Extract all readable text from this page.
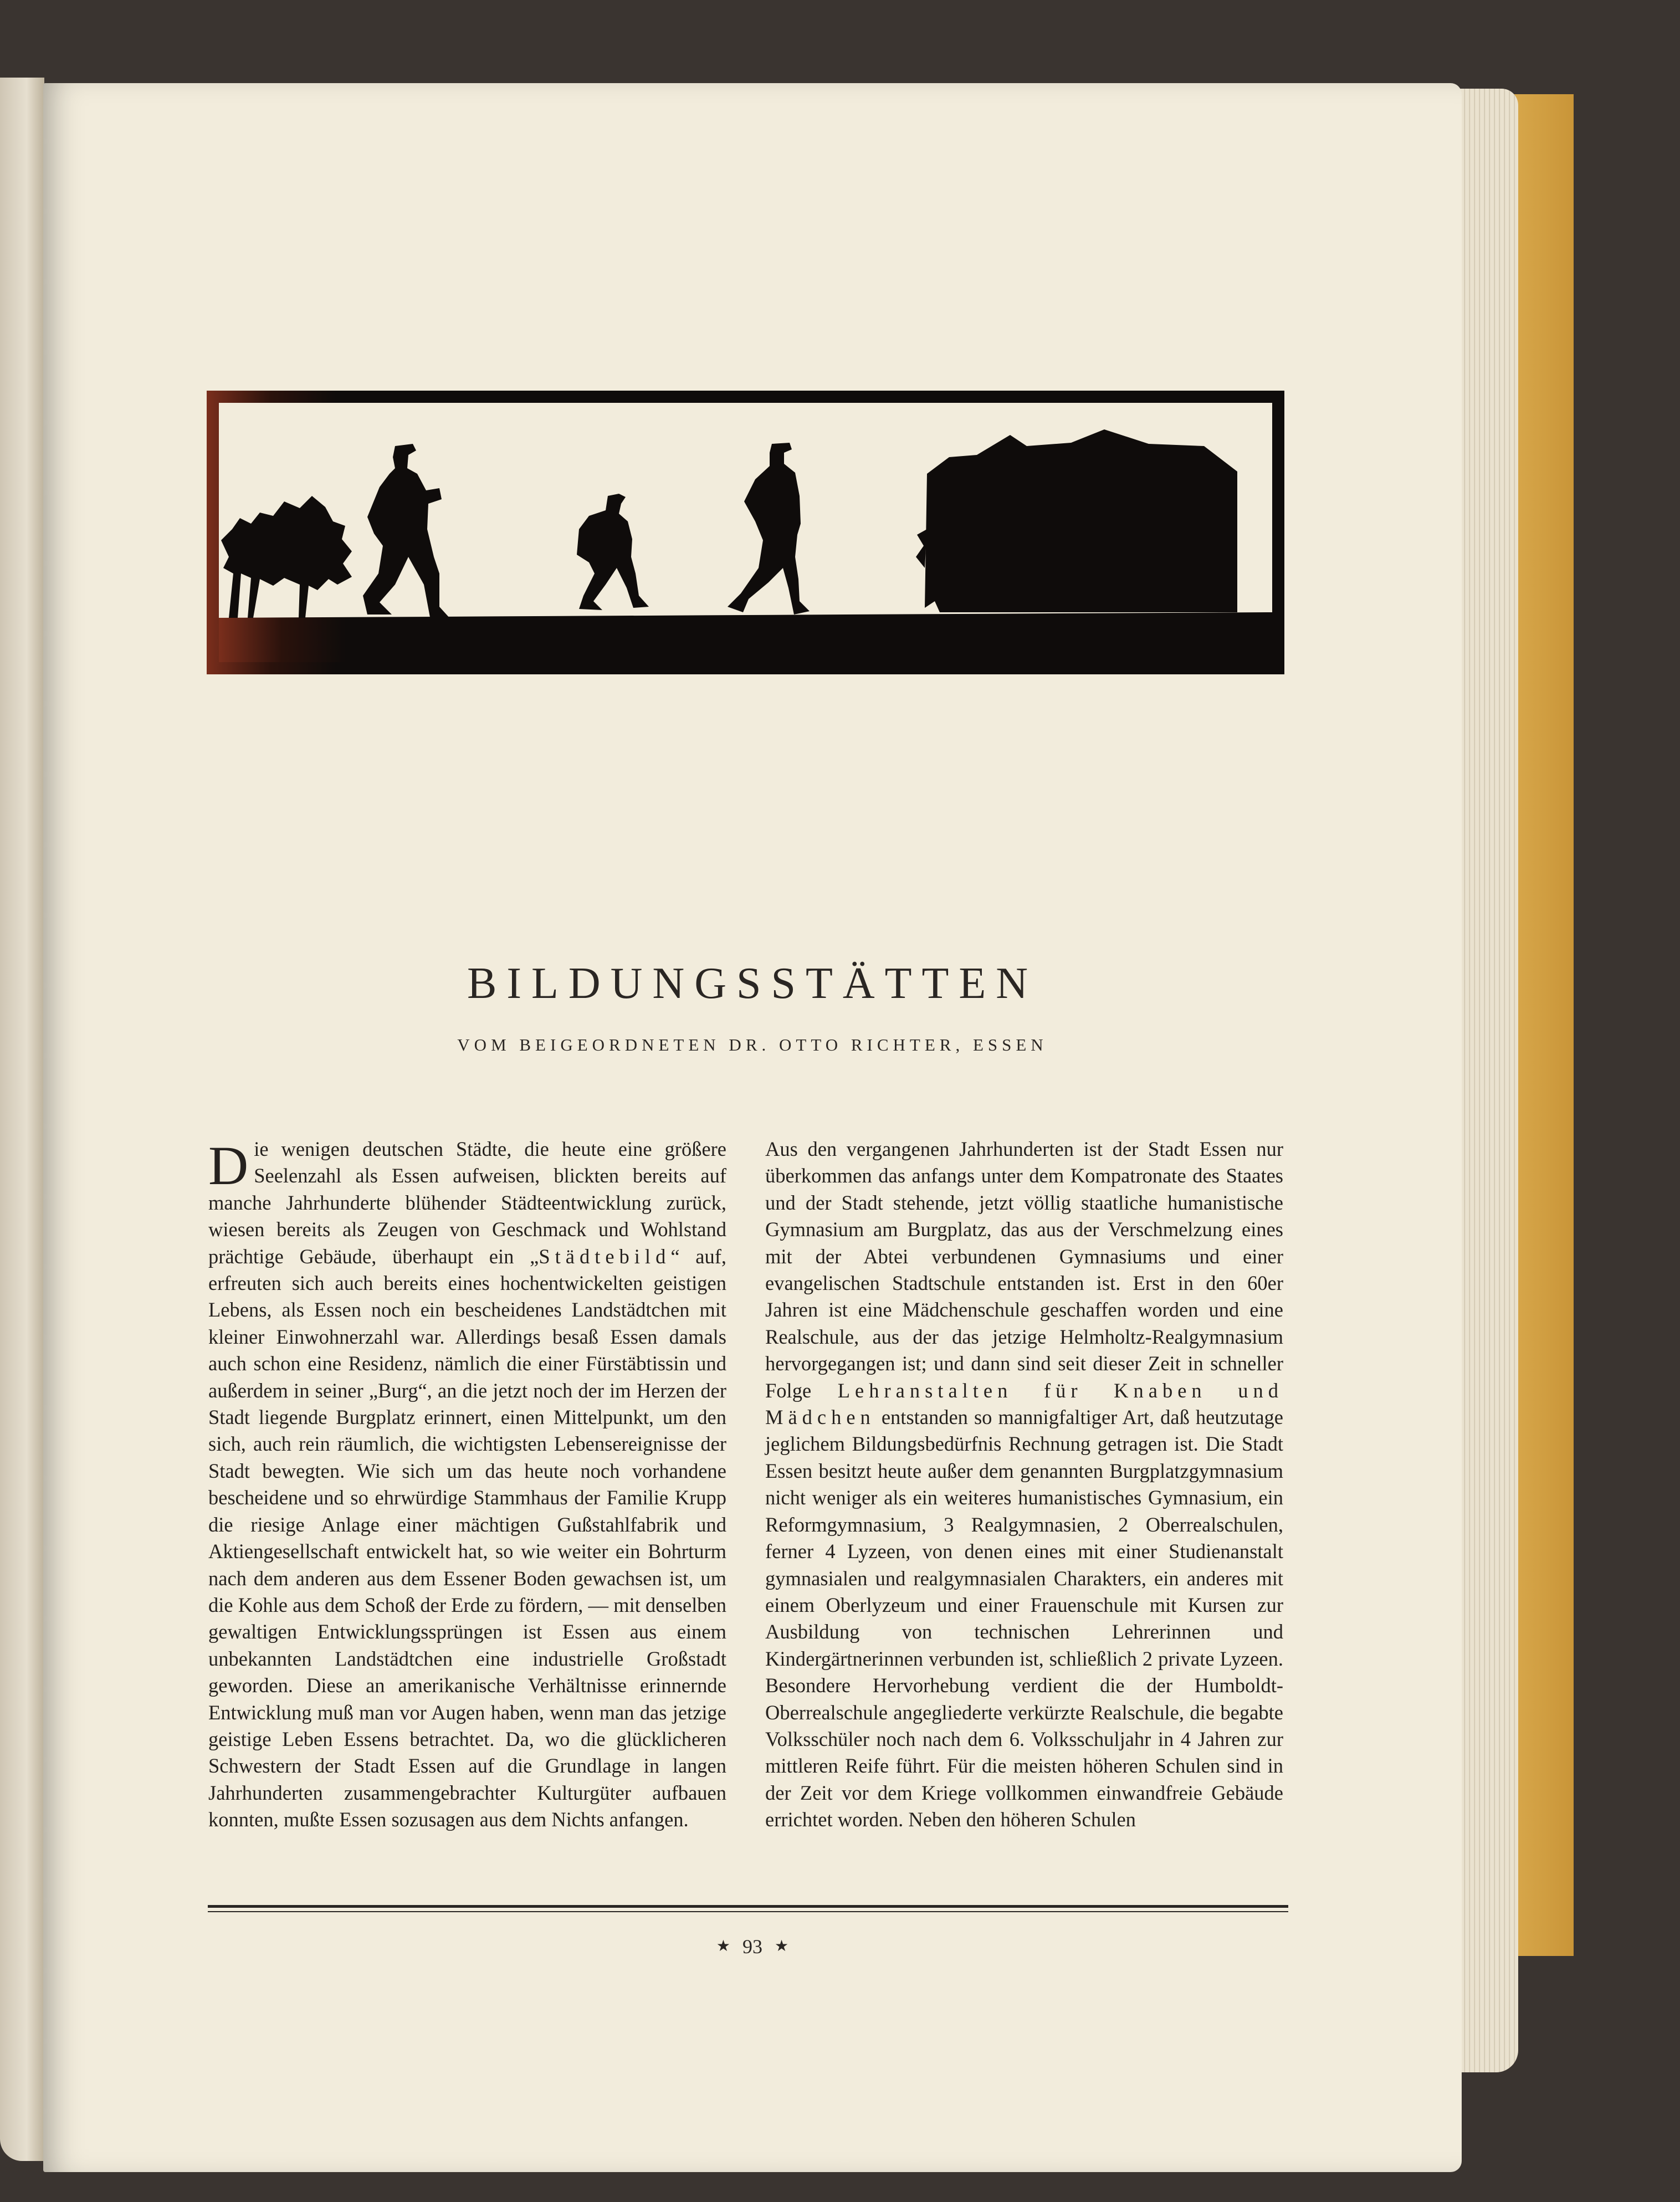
BILDUNGSSTÄTTEN

VOM BEIGEORDNETEN DR. OTTO RICHTER, ESSEN

Die wenigen deutschen Städte, die heute eine größere Seelenzahl als Essen aufweisen, blickten bereits auf manche Jahrhunderte blühender Städteentwicklung zurück, wiesen bereits als Zeugen von Geschmack und Wohlstand prächtige Gebäude, überhaupt ein „Städtebild“ auf, erfreuten sich auch bereits eines hochentwickelten geistigen Lebens, als Essen noch ein bescheidenes Landstädtchen mit kleiner Einwohnerzahl war. Allerdings besaß Essen damals auch schon eine Residenz, nämlich die einer Fürstäbtissin und außerdem in seiner „Burg“, an die jetzt noch der im Herzen der Stadt liegende Burgplatz erinnert, einen Mittelpunkt, um den sich, auch rein räumlich, die wichtigsten Lebensereignisse der Stadt bewegten. Wie sich um das heute noch vorhandene bescheidene und so ehrwürdige Stammhaus der Familie Krupp die riesige Anlage einer mächtigen Gußstahlfabrik und Aktiengesellschaft entwickelt hat, so wie weiter ein Bohrturm nach dem anderen aus dem Essener Boden gewachsen ist, um die Kohle aus dem Schoß der Erde zu fördern, — mit denselben gewaltigen Entwicklungssprüngen ist Essen aus einem unbekannten Landstädtchen eine industrielle Großstadt geworden. Diese an amerikanische Verhältnisse erinnernde Entwicklung muß man vor Augen haben, wenn man das jetzige geistige Leben Essens betrachtet. Da, wo die glücklicheren Schwestern der Stadt Essen auf die Grundlage in langen Jahrhunderten zusammengebrachter Kulturgüter aufbauen konnten, mußte Essen sozusagen aus dem Nichts anfangen.

Aus den vergangenen Jahrhunderten ist der Stadt Essen nur überkommen das anfangs unter dem Kompatronate des Staates und der Stadt stehende, jetzt völlig staatliche humanistische Gymnasium am Burgplatz, das aus der Verschmelzung eines mit der Abtei verbundenen Gymnasiums und einer evangelischen Stadtschule entstanden ist. Erst in den 60er Jahren ist eine Mädchenschule geschaffen worden und eine Realschule, aus der das jetzige Helmholtz-Realgymnasium hervorgegangen ist; und dann sind seit dieser Zeit in schneller Folge Lehranstalten für Knaben und Mädchen entstanden so mannigfaltiger Art, daß heutzutage jeglichem Bildungsbedürfnis Rechnung getragen ist. Die Stadt Essen besitzt heute außer dem genannten Burgplatzgymnasium nicht weniger als ein weiteres humanistisches Gymnasium, ein Reformgymnasium, 3 Realgymnasien, 2 Oberrealschulen, ferner 4 Lyzeen, von denen eines mit einer Studienanstalt gymnasialen und realgymnasialen Charakters, ein anderes mit einem Oberlyzeum und einer Frauenschule mit Kursen zur Ausbildung von technischen Lehrerinnen und Kindergärtnerinnen verbunden ist, schließlich 2 private Lyzeen. Besondere Hervorhebung verdient die der Humboldt-Oberrealschule angegliederte verkürzte Realschule, die begabte Volksschüler noch nach dem 6. Volksschuljahr in 4 Jahren zur mittleren Reife führt. Für die meisten höheren Schulen sind in der Zeit vor dem Kriege vollkommen einwandfreie Gebäude errichtet worden. Neben den höheren Schulen

★ 93 ★
